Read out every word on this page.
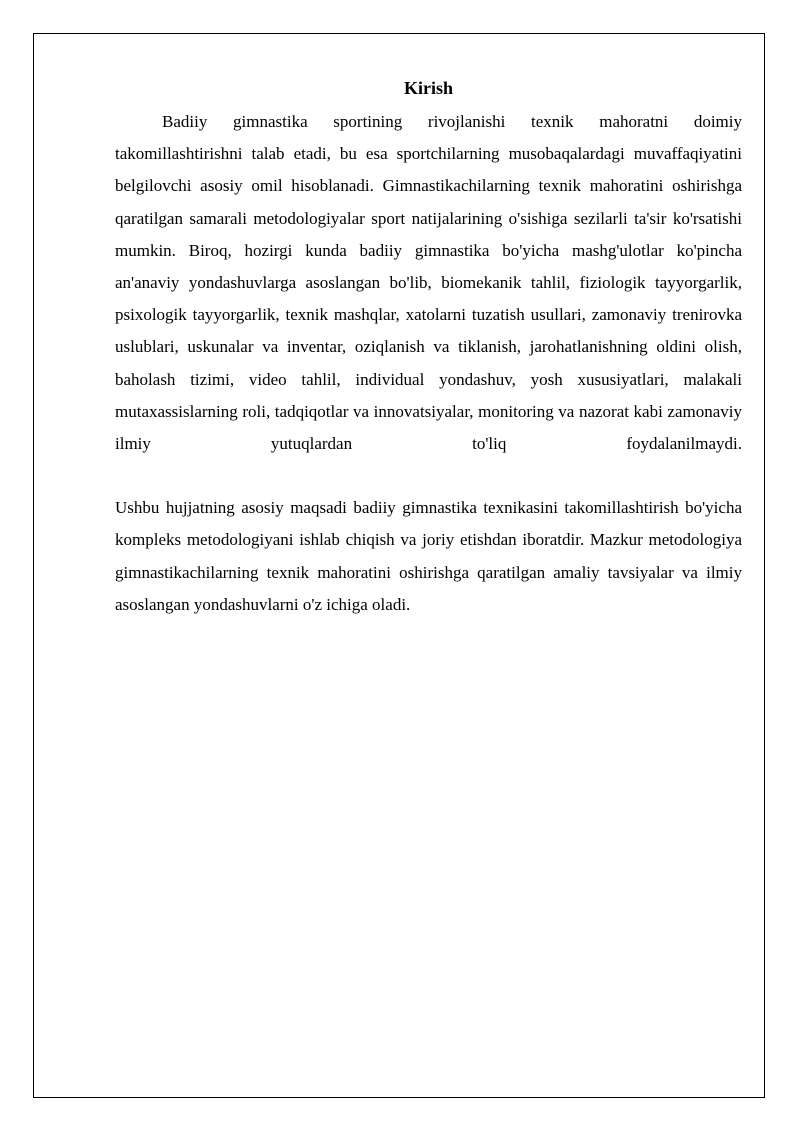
Kirish

Badiiy gimnastika sportining rivojlanishi texnik mahoratni doimiy takomillashtirishni talab etadi, bu esa sportchilarning musobaqalardagi muvaffaqiyatini belgilovchi asosiy omil hisoblanadi. Gimnastikachilarning texnik mahoratini oshirishga qaratilgan samarali metodologiyalar sport natijalarining o'sishiga sezilarli ta'sir ko'rsatishi mumkin. Biroq, hozirgi kunda badiiy gimnastika bo'yicha mashg'ulotlar ko'pincha an'anaviy yondashuvlarga asoslangan bo'lib, biomekanik tahlil, fiziologik tayyorgarlik, psixologik tayyorgarlik, texnik mashqlar, xatolarni tuzatish usullari, zamonaviy trenirovka uslublari, uskunalar va inventar, oziqlanish va tiklanish, jarohatlanishning oldini olish, baholash tizimi, video tahlil, individual yondashuv, yosh xususiyatlari, malakali mutaxassislarning roli, tadqiqotlar va innovatsiyalar, monitoring va nazorat kabi zamonaviy ilmiy yutuqlardan to'liq foydalanilmaydi.

Ushbu hujjatning asosiy maqsadi badiiy gimnastika texnikasini takomillashtirish bo'yicha kompleks metodologiyani ishlab chiqish va joriy etishdan iboratdir. Mazkur metodologiya gimnastikachilarning texnik mahoratini oshirishga qaratilgan amaliy tavsiyalar va ilmiy asoslangan yondashuvlarni o'z ichiga oladi.
